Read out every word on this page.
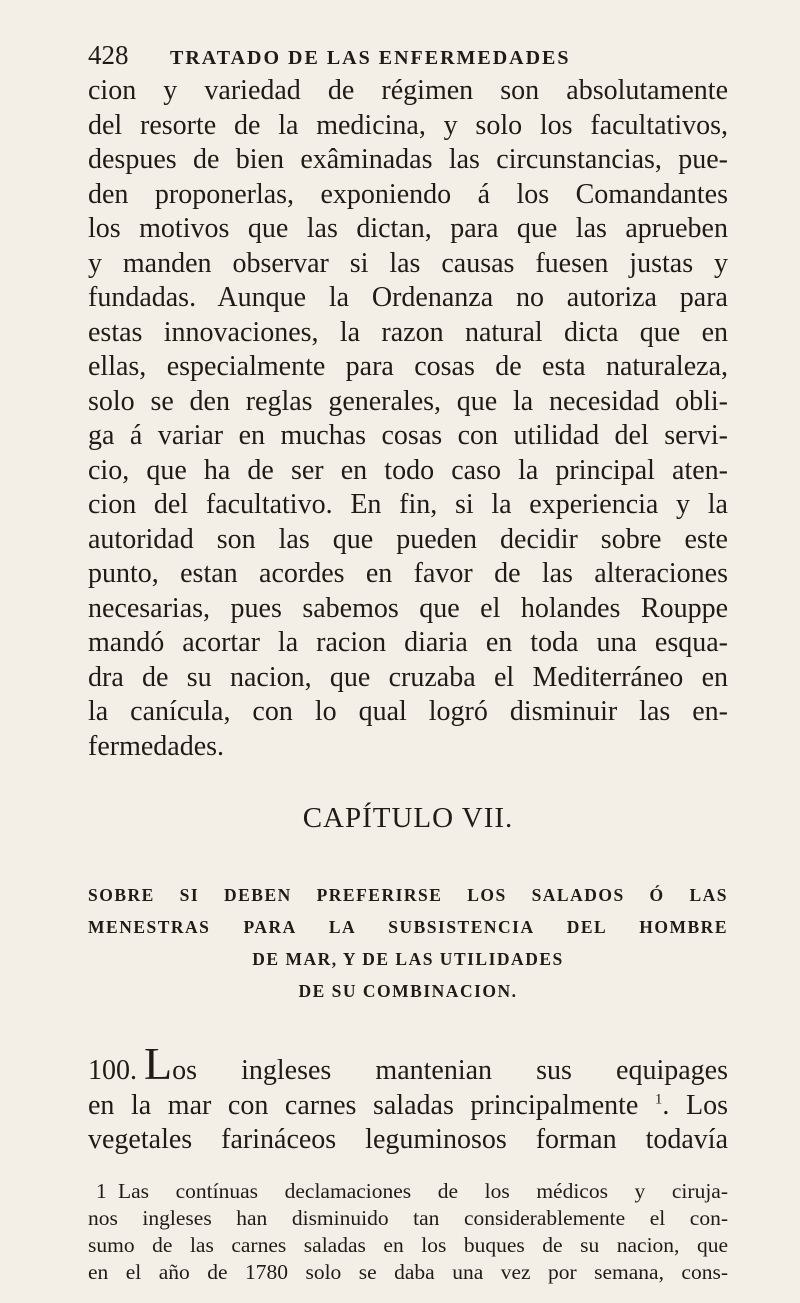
428	TRATADO DE LAS ENFERMEDADES
cion y variedad de régimen son absolutamente
del resorte de la medicina, y solo los facultativos,
despues de bien exâminadas las circunstancias, pue-
den proponerlas, exponiendo á los Comandantes
los motivos que las dictan, para que las aprueben
y manden observar si las causas fuesen justas y
fundadas. Aunque la Ordenanza no autoriza para
estas innovaciones, la razon natural dicta que en
ellas, especialmente para cosas de esta naturaleza,
solo se den reglas generales, que la necesidad obli-
ga á variar en muchas cosas con utilidad del servi-
cio, que ha de ser en todo caso la principal aten-
cion del facultativo. En fin, si la experiencia y la
autoridad son las que pueden decidir sobre este
punto, estan acordes en favor de las alteraciones
necesarias, pues sabemos que el holandes Rouppe
mandó acortar la racion diaria en toda una esqua-
dra de su nacion, que cruzaba el Mediterráneo en
la canícula, con lo qual logró disminuir las en-
fermedades.
CAPÍTULO VII.
SOBRE SI DEBEN PREFERIRSE LOS SALADOS Ó LAS
MENESTRAS PARA LA SUBSISTENCIA DEL HOMBRE
DE MAR, Y DE LAS UTILIDADES
DE SU COMBINACION.
100. Los ingleses mantenian sus equipages
en la mar con carnes saladas principalmente $^1$. Los
vegetales farináceos leguminosos forman todavía
1 Las contínuas declamaciones de los médicos y ciruja-
nos ingleses han disminuido tan considerablemente el con-
sumo de las carnes saladas en los buques de su nacion, que
en el año de 1780 solo se daba una vez por semana, cons-
